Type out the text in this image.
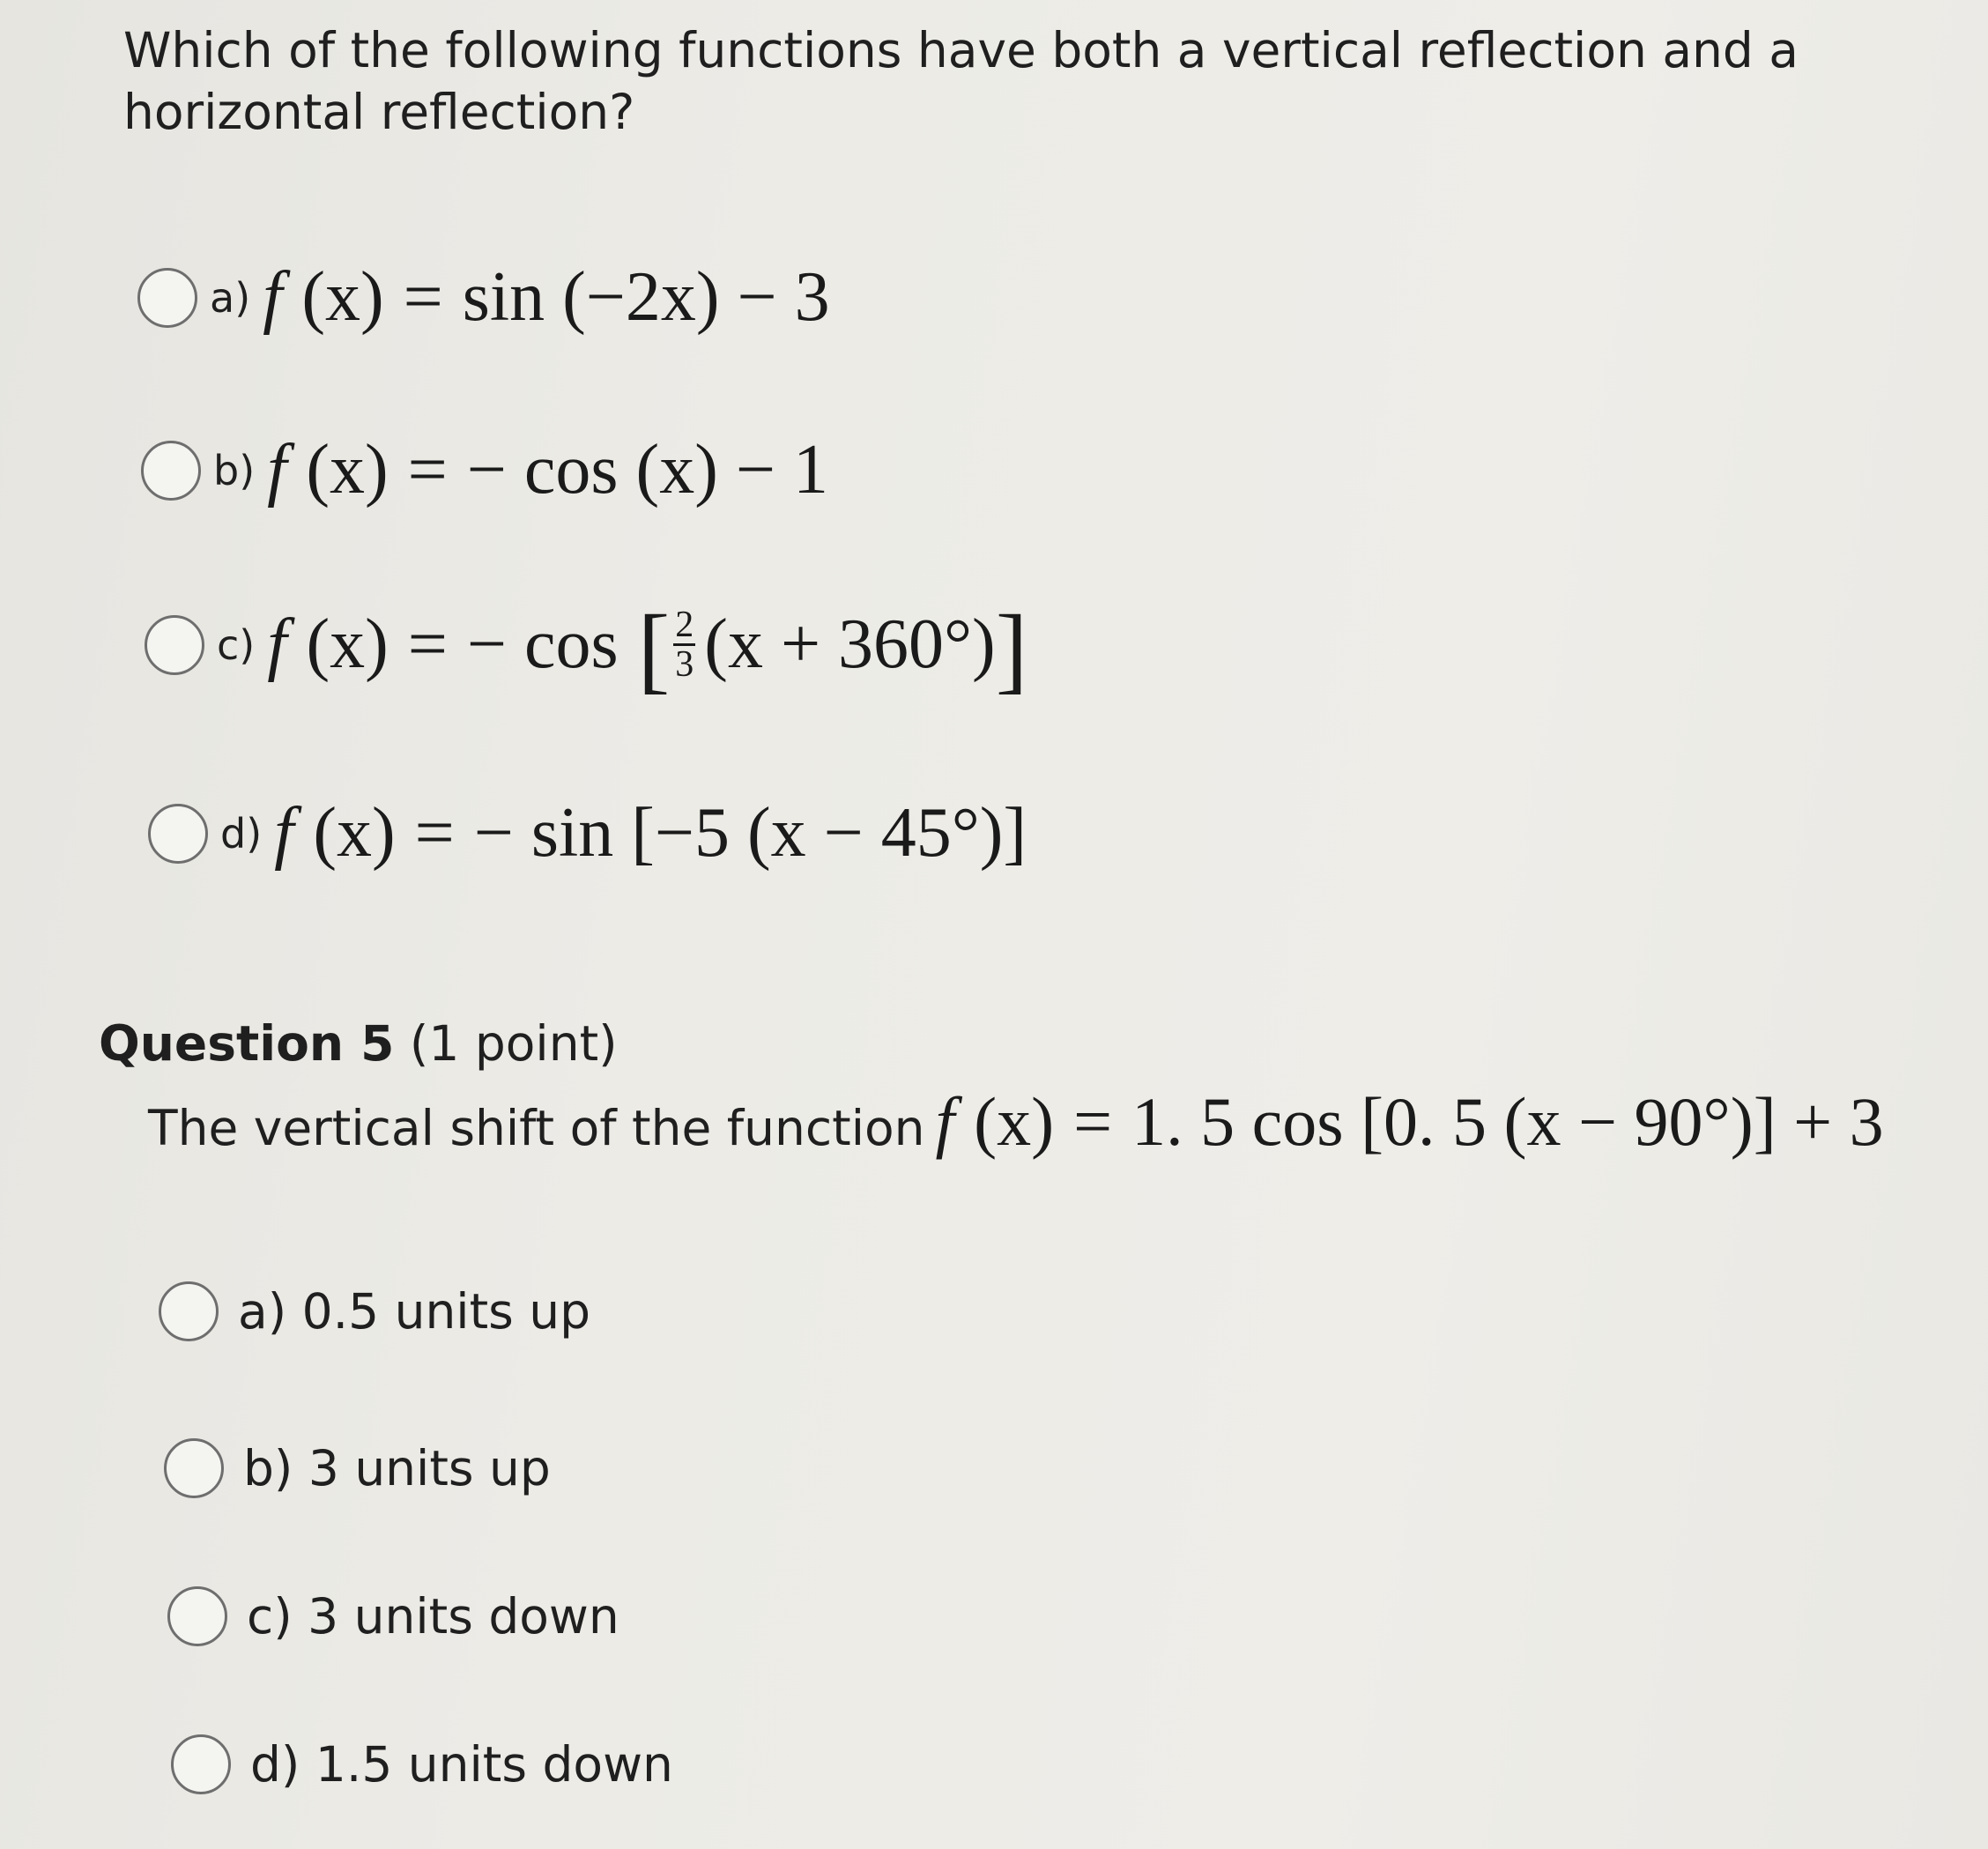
Which of the following functions have both a vertical reflection and a horizontal reflection?
a) f (x) = sin (−2x) − 3
b) f (x) = − cos (x) − 1
c) f (x) = − cos [ $\frac{2}{3} (x + 360^\circ)$ ]
d) f (x) = − sin [−5 (x − 45°)]
Question 5 (1 point)
The vertical shift of the function f (x) = 1. 5 cos [0. 5 (x − 90°)] + 3
a) 0.5 units up
b) 3 units up
c) 3 units down
d) 1.5 units down
